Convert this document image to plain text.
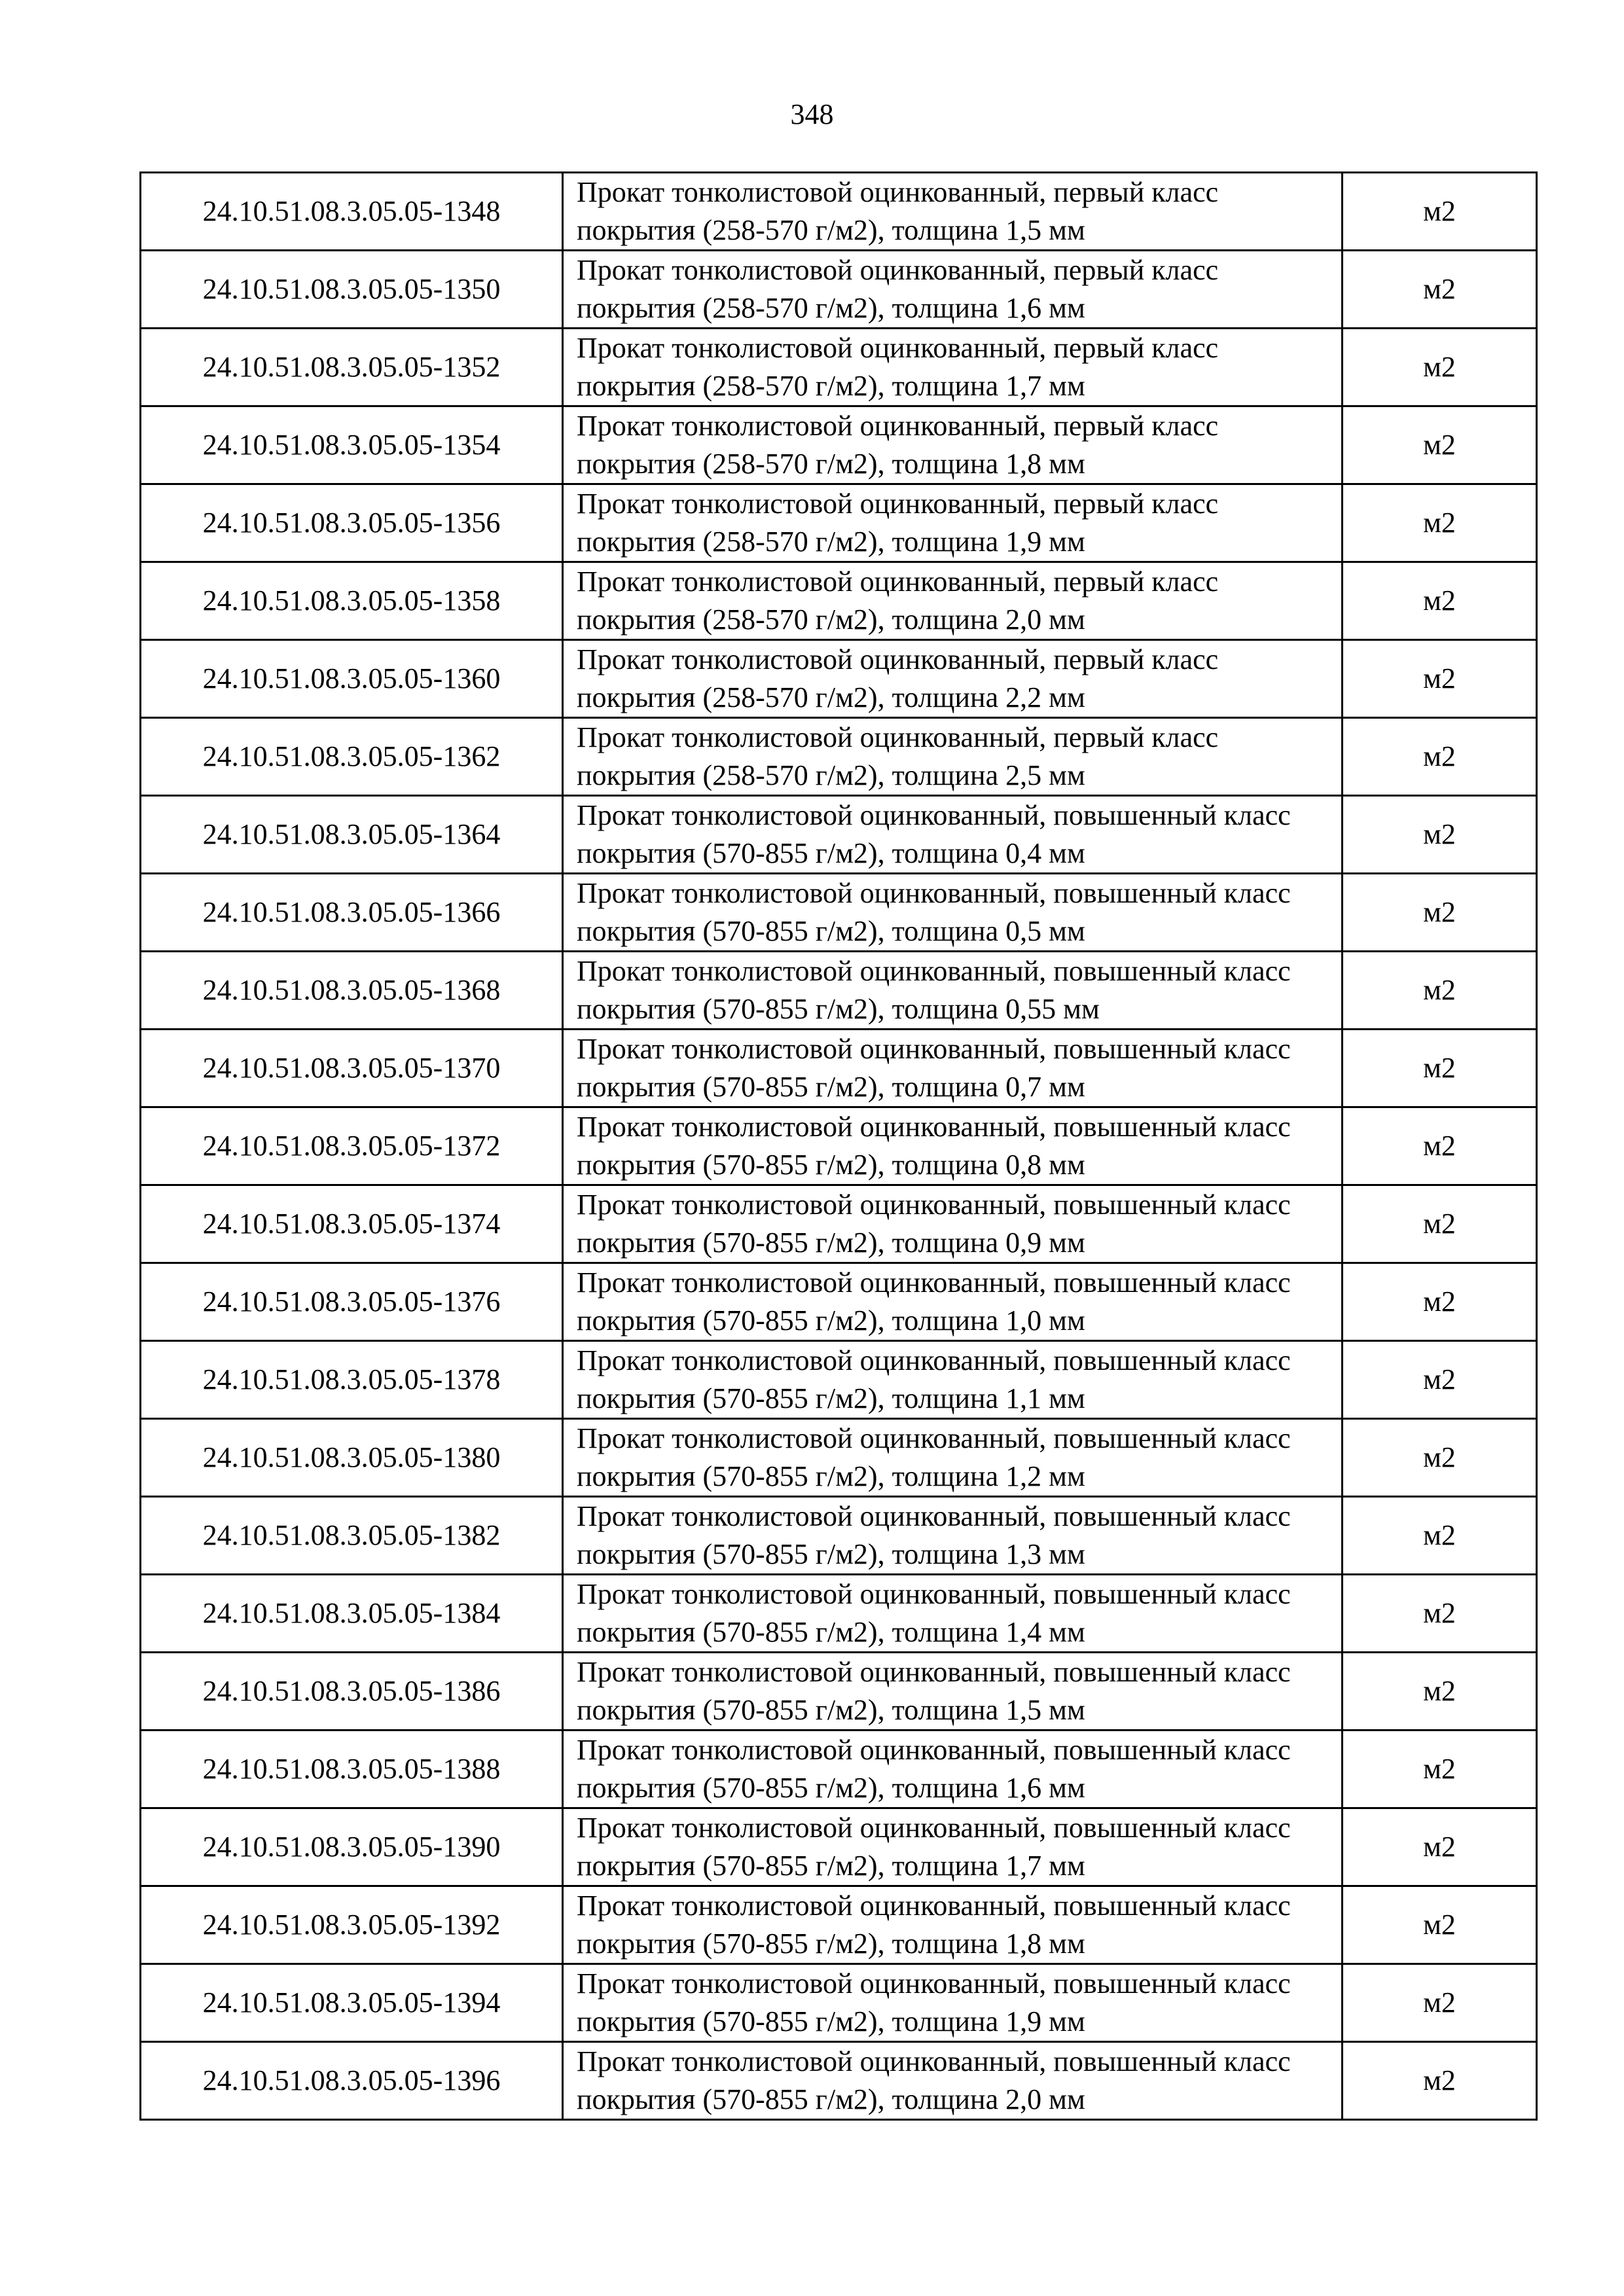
348
24.10.51.08.3.05.05-1348	Прокат тонколистовой оцинкованный, первый класс покрытия (258-570 г/м2), толщина 1,5 мм	м2
24.10.51.08.3.05.05-1350	Прокат тонколистовой оцинкованный, первый класс покрытия (258-570 г/м2), толщина 1,6 мм	м2
24.10.51.08.3.05.05-1352	Прокат тонколистовой оцинкованный, первый класс покрытия (258-570 г/м2), толщина 1,7 мм	м2
24.10.51.08.3.05.05-1354	Прокат тонколистовой оцинкованный, первый класс покрытия (258-570 г/м2), толщина 1,8 мм	м2
24.10.51.08.3.05.05-1356	Прокат тонколистовой оцинкованный, первый класс покрытия (258-570 г/м2), толщина 1,9 мм	м2
24.10.51.08.3.05.05-1358	Прокат тонколистовой оцинкованный, первый класс покрытия (258-570 г/м2), толщина 2,0 мм	м2
24.10.51.08.3.05.05-1360	Прокат тонколистовой оцинкованный, первый класс покрытия (258-570 г/м2), толщина 2,2 мм	м2
24.10.51.08.3.05.05-1362	Прокат тонколистовой оцинкованный, первый класс покрытия (258-570 г/м2), толщина 2,5 мм	м2
24.10.51.08.3.05.05-1364	Прокат тонколистовой оцинкованный, повышенный класс покрытия (570-855 г/м2), толщина 0,4 мм	м2
24.10.51.08.3.05.05-1366	Прокат тонколистовой оцинкованный, повышенный класс покрытия (570-855 г/м2), толщина 0,5 мм	м2
24.10.51.08.3.05.05-1368	Прокат тонколистовой оцинкованный, повышенный класс покрытия (570-855 г/м2), толщина 0,55 мм	м2
24.10.51.08.3.05.05-1370	Прокат тонколистовой оцинкованный, повышенный класс покрытия (570-855 г/м2), толщина 0,7 мм	м2
24.10.51.08.3.05.05-1372	Прокат тонколистовой оцинкованный, повышенный класс покрытия (570-855 г/м2), толщина 0,8 мм	м2
24.10.51.08.3.05.05-1374	Прокат тонколистовой оцинкованный, повышенный класс покрытия (570-855 г/м2), толщина 0,9 мм	м2
24.10.51.08.3.05.05-1376	Прокат тонколистовой оцинкованный, повышенный класс покрытия (570-855 г/м2), толщина 1,0 мм	м2
24.10.51.08.3.05.05-1378	Прокат тонколистовой оцинкованный, повышенный класс покрытия (570-855 г/м2), толщина 1,1 мм	м2
24.10.51.08.3.05.05-1380	Прокат тонколистовой оцинкованный, повышенный класс покрытия (570-855 г/м2), толщина 1,2 мм	м2
24.10.51.08.3.05.05-1382	Прокат тонколистовой оцинкованный, повышенный класс покрытия (570-855 г/м2), толщина 1,3 мм	м2
24.10.51.08.3.05.05-1384	Прокат тонколистовой оцинкованный, повышенный класс покрытия (570-855 г/м2), толщина 1,4 мм	м2
24.10.51.08.3.05.05-1386	Прокат тонколистовой оцинкованный, повышенный класс покрытия (570-855 г/м2), толщина 1,5 мм	м2
24.10.51.08.3.05.05-1388	Прокат тонколистовой оцинкованный, повышенный класс покрытия (570-855 г/м2), толщина 1,6 мм	м2
24.10.51.08.3.05.05-1390	Прокат тонколистовой оцинкованный, повышенный класс покрытия (570-855 г/м2), толщина 1,7 мм	м2
24.10.51.08.3.05.05-1392	Прокат тонколистовой оцинкованный, повышенный класс покрытия (570-855 г/м2), толщина 1,8 мм	м2
24.10.51.08.3.05.05-1394	Прокат тонколистовой оцинкованный, повышенный класс покрытия (570-855 г/м2), толщина 1,9 мм	м2
24.10.51.08.3.05.05-1396	Прокат тонколистовой оцинкованный, повышенный класс покрытия (570-855 г/м2), толщина 2,0 мм	м2
